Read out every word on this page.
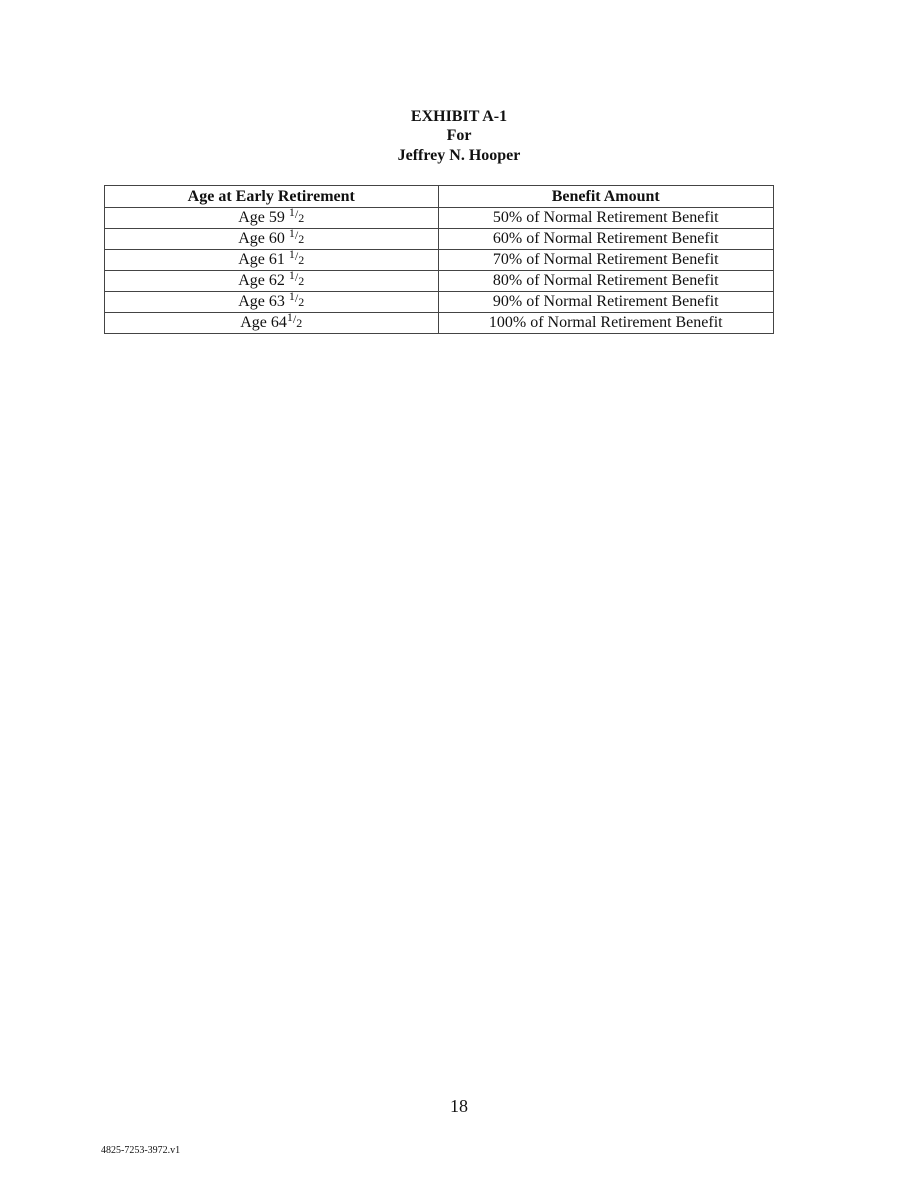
EXHIBIT A-1
For
Jeffrey N. Hooper
Age at Early Retirement	Benefit Amount
Age 59 1/2	50% of Normal Retirement Benefit
Age 60 1/2	60% of Normal Retirement Benefit
Age 61 1/2	70% of Normal Retirement Benefit
Age 62 1/2	80% of Normal Retirement Benefit
Age 63 1/2	90% of Normal Retirement Benefit
Age 641/2	100% of Normal Retirement Benefit
18
4825-7253-3972.v1
